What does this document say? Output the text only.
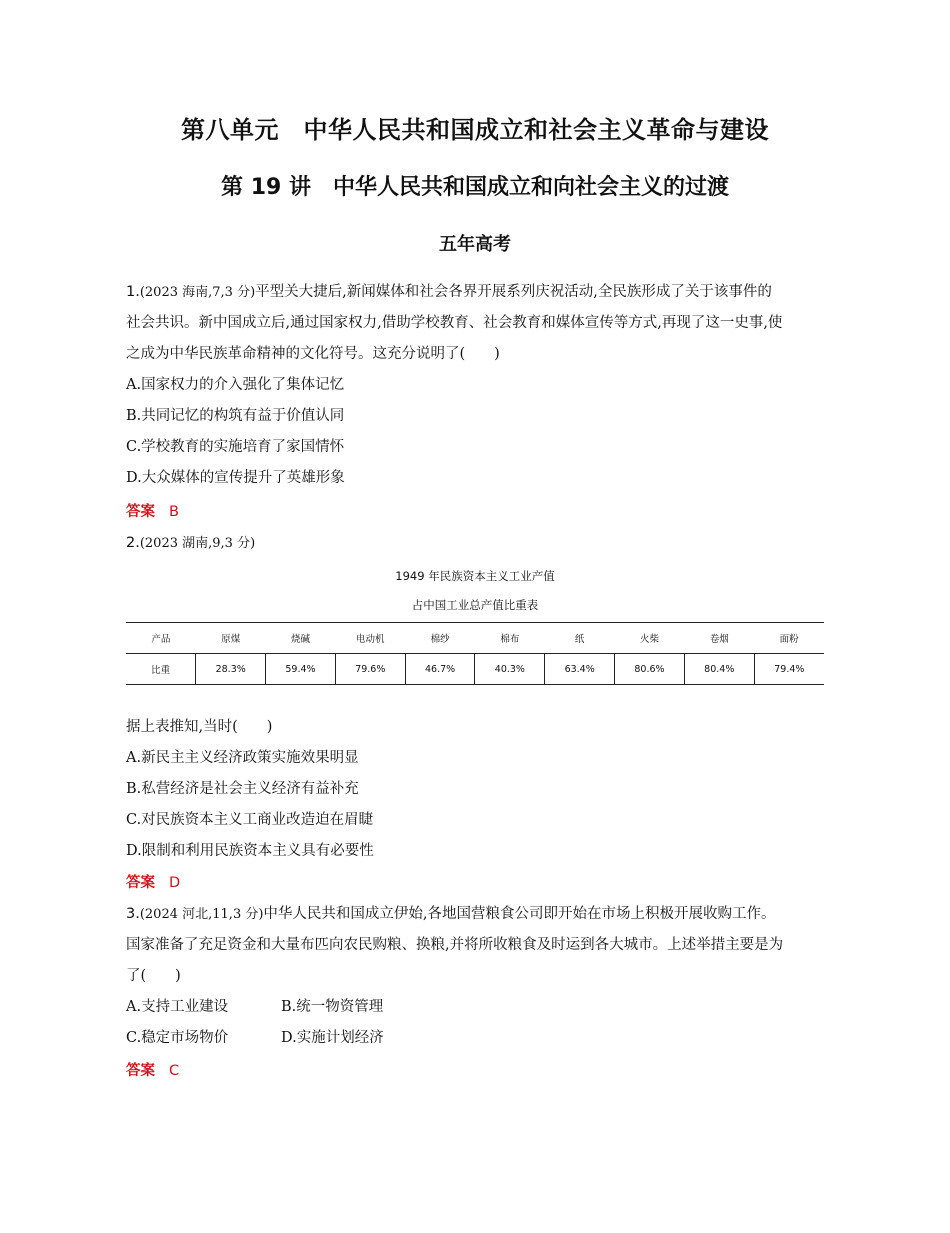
第八单元　中华人民共和国成立和社会主义革命与建设
第 19 讲　中华人民共和国成立和向社会主义的过渡
五年高考
1.(2023 海南,7,3 分)平型关大捷后,新闻媒体和社会各界开展系列庆祝活动,全民族形成了关于该事件的
社会共识。新中国成立后,通过国家权力,借助学校教育、社会教育和媒体宣传等方式,再现了这一史事,使
之成为中华民族革命精神的文化符号。这充分说明了(　　)
A.国家权力的介入强化了集体记忆
B.共同记忆的构筑有益于价值认同
C.学校教育的实施培育了家国情怀
D.大众媒体的宣传提升了英雄形象
答案 B
2.(2023 湖南,9,3 分)
1949 年民族资本主义工业产值
占中国工业总产值比重表
产品	原煤	烧碱	电动机	棉纱	棉布	纸	火柴	卷烟	面粉
比重	28.3%	59.4%	79.6%	46.7%	40.3%	63.4%	80.6%	80.4%	79.4%
据上表推知,当时(　　)
A.新民主主义经济政策实施效果明显
B.私营经济是社会主义经济有益补充
C.对民族资本主义工商业改造迫在眉睫
D.限制和利用民族资本主义具有必要性
答案 D
3.(2024 河北,11,3 分)中华人民共和国成立伊始,各地国营粮食公司即开始在市场上积极开展收购工作。
国家准备了充足资金和大量布匹向农民购粮、换粮,并将所收粮食及时运到各大城市。上述举措主要是为
了(　　)
A.支持工业建设	B.统一物资管理
C.稳定市场物价	D.实施计划经济
答案 C
